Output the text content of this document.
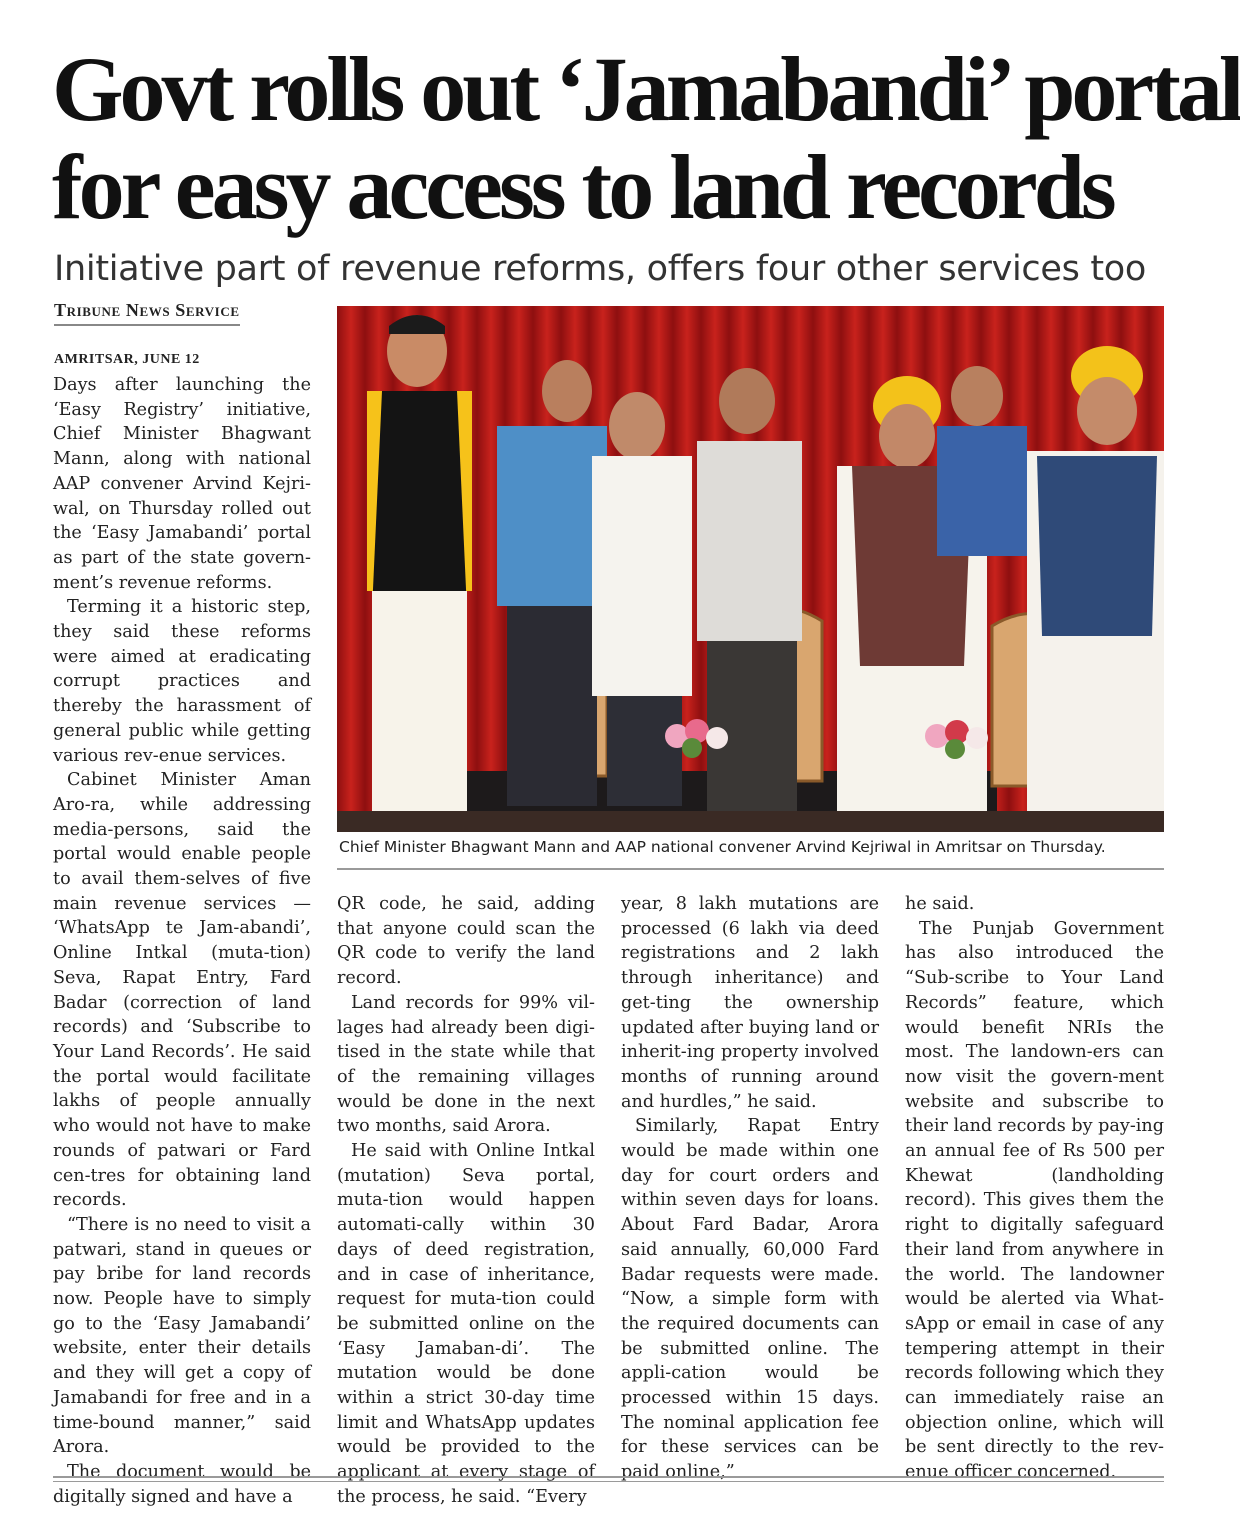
Govt rolls out ‘Jamabandi’ portal
for easy access to land records
Initiative part of revenue reforms, offers four other services too
Tribune News Service
AMRITSAR, JUNE 12

Days after launching the ‘Easy Registry’ initiative, Chief Minister Bhagwant Mann, along with national AAP convener Arvind Kejri-wal, on Thursday rolled out the ‘Easy Jamabandi’ portal as part of the state govern-ment’s revenue reforms.

Terming it a historic step, they said these reforms were aimed at eradicating corrupt practices and thereby the harassment of general public while getting various rev-enue services.

Cabinet Minister Aman Aro-ra, while addressing media-persons, said the portal would enable people to avail them-selves of five main revenue services — ‘WhatsApp te Jam-abandi’, Online Intkal (muta-tion) Seva, Rapat Entry, Fard Badar (correction of land records) and ‘Subscribe to Your Land Records’. He said the portal would facilitate lakhs of people annually who would not have to make rounds of patwari or Fard cen-tres for obtaining land records.

“There is no need to visit a patwari, stand in queues or pay bribe for land records now. People have to simply go to the ‘Easy Jamabandi’ website, enter their details and they will get a copy of Jamabandi for free and in a time-bound manner,” said Arora.

The document would be digitally signed and have a

Chief Minister Bhagwant Mann and AAP national convener Arvind Kejriwal in Amritsar on Thursday.

QR code, he said, adding that anyone could scan the QR code to verify the land record.

Land records for 99% vil-lages had already been digi-tised in the state while that of the remaining villages would be done in the next two months, said Arora.

He said with Online Intkal (mutation) Seva portal, muta-tion would happen automati-cally within 30 days of deed registration, and in case of inheritance, request for muta-tion could be submitted online on the ‘Easy Jamaban-di’. The mutation would be done within a strict 30-day time limit and WhatsApp updates would be provided to the applicant at every stage of the process, he said. “Every

year, 8 lakh mutations are processed (6 lakh via deed registrations and 2 lakh through inheritance) and get-ting the ownership updated after buying land or inherit-ing property involved months of running around and hurdles,” he said.

Similarly, Rapat Entry would be made within one day for court orders and within seven days for loans. About Fard Badar, Arora said annually, 60,000 Fard Badar requests were made. “Now, a simple form with the required documents can be submitted online. The appli-cation would be processed within 15 days. The nominal application fee for these services can be paid online,”

he said.

The Punjab Government has also introduced the “Sub-scribe to Your Land Records” feature, which would benefit NRIs the most. The landown-ers can now visit the govern-ment website and subscribe to their land records by pay-ing an annual fee of Rs 500 per Khewat (landholding record). This gives them the right to digitally safeguard their land from anywhere in the world. The landowner would be alerted via What-sApp or email in case of any tempering attempt in their records following which they can immediately raise an objection online, which will be sent directly to the rev-enue officer concerned.
